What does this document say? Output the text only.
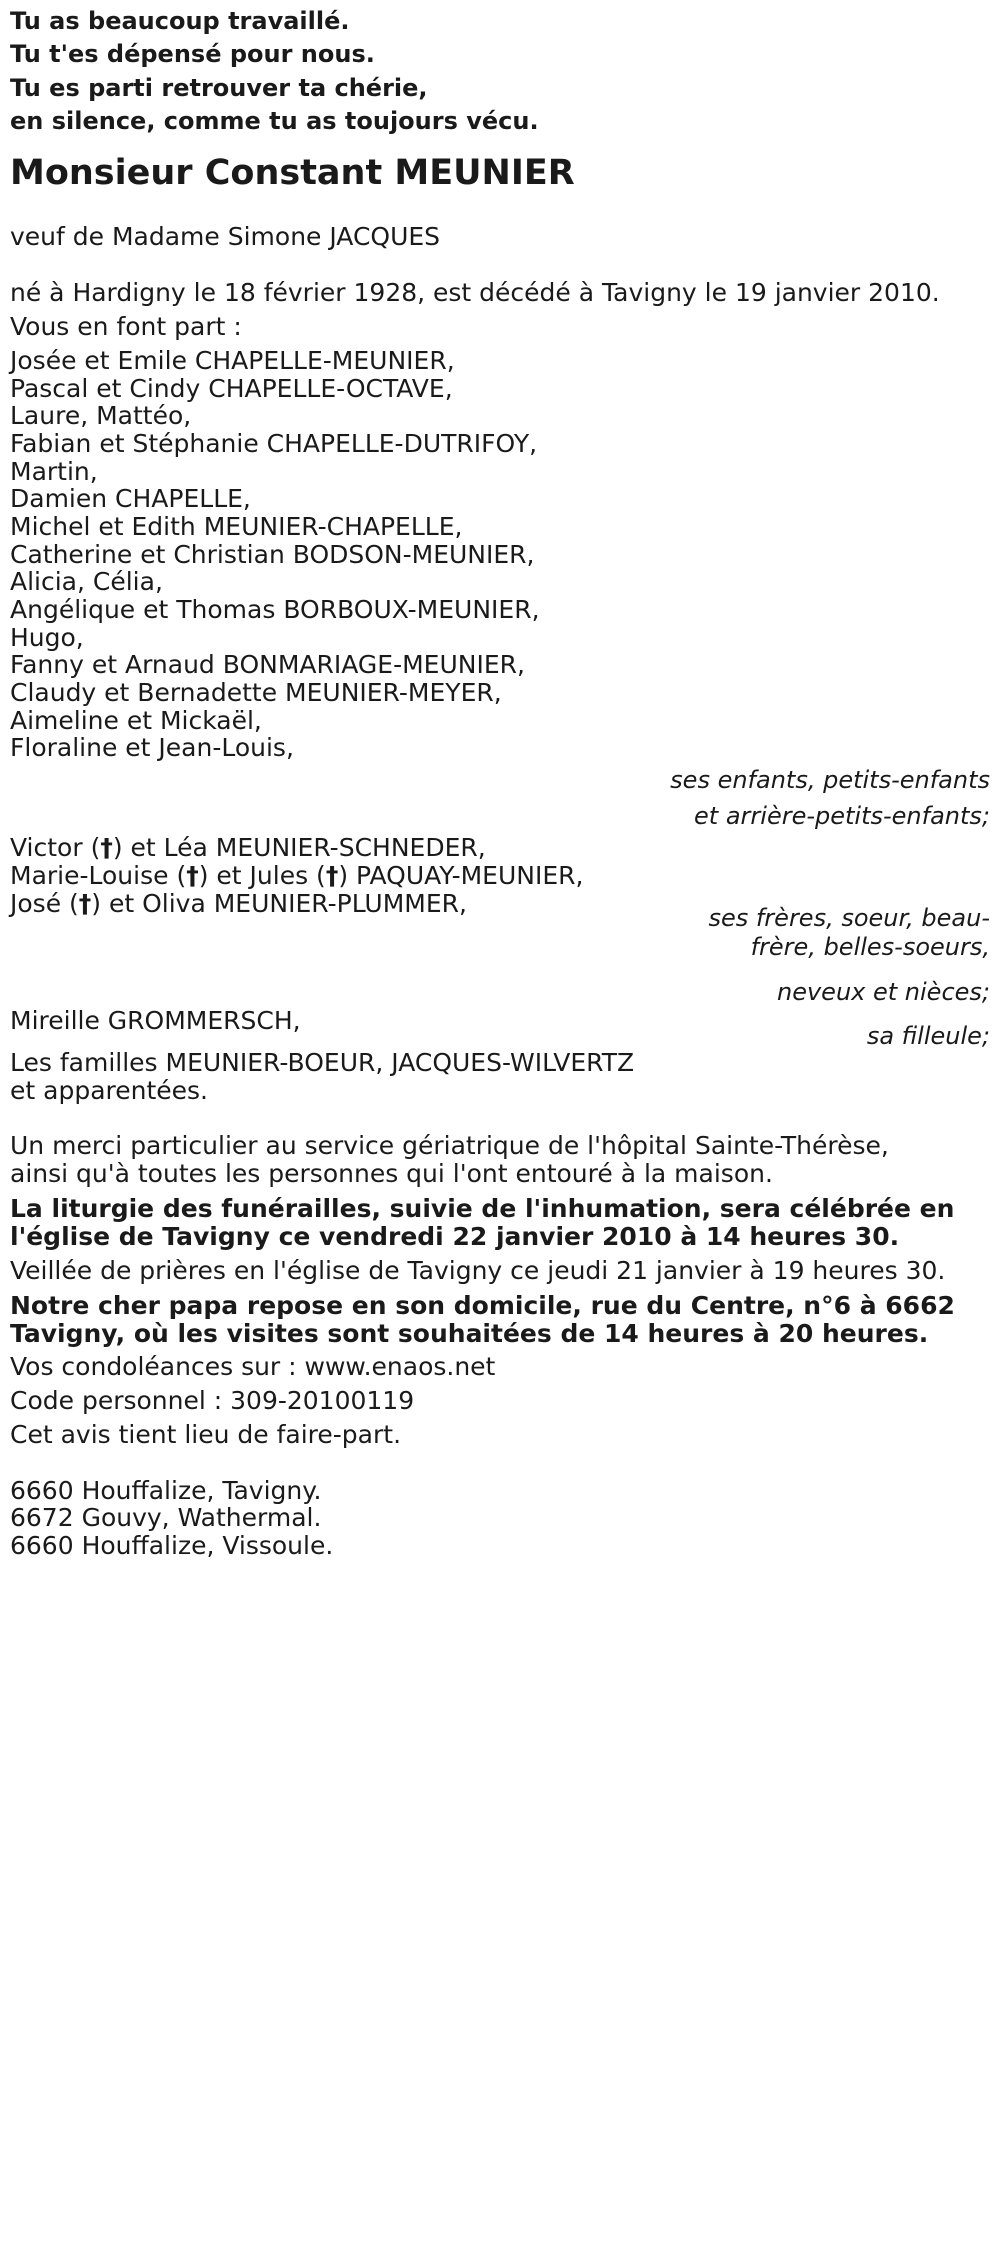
Tu as beaucoup travaillé.
Tu t'es dépensé pour nous.
Tu es parti retrouver ta chérie,
en silence, comme tu as toujours vécu.
Monsieur Constant MEUNIER
veuf de Madame Simone JACQUES
né à Hardigny le 18 février 1928, est décédé à Tavigny le 19 janvier 2010.
Vous en font part :
Josée et Emile CHAPELLE-MEUNIER,
Pascal et Cindy CHAPELLE-OCTAVE,
Laure, Mattéo,
Fabian et Stéphanie CHAPELLE-DUTRIFOY,
Martin,
Damien CHAPELLE,
Michel et Edith MEUNIER-CHAPELLE,
Catherine et Christian BODSON-MEUNIER,
Alicia, Célia,
Angélique et Thomas BORBOUX-MEUNIER,
Hugo,
Fanny et Arnaud BONMARIAGE-MEUNIER,
Claudy et Bernadette MEUNIER-MEYER,
Aimeline et Mickaël,
Floraline et Jean-Louis,
ses enfants, petits-enfants et arrière-petits-enfants;
Victor (†) et Léa MEUNIER-SCHNEDER,
Marie-Louise (†) et Jules (†) PAQUAY-MEUNIER,
José (†) et Oliva MEUNIER-PLUMMER,	ses frères, soeur, beau-frère, belles-soeurs,
neveux et nièces;
Mireille GROMMERSCH,
sa filleule;
Les familles MEUNIER-BOEUR, JACQUES-WILVERTZ
et apparentées.
Un merci particulier au service gériatrique de l'hôpital Sainte-Thérèse,
ainsi qu'à toutes les personnes qui l'ont entouré à la maison.
La liturgie des funérailles, suivie de l'inhumation, sera célébrée en
l'église de Tavigny ce vendredi 22 janvier 2010 à 14 heures 30.
Veillée de prières en l'église de Tavigny ce jeudi 21 janvier à 19 heures 30.
Notre cher papa repose en son domicile, rue du Centre, n°6 à 6662
Tavigny, où les visites sont souhaitées de 14 heures à 20 heures.
Vos condoléances sur : www.enaos.net
Code personnel : 309-20100119
Cet avis tient lieu de faire-part.
6660 Houffalize, Tavigny.
6672 Gouvy, Wathermal.
6660 Houffalize, Vissoule.
